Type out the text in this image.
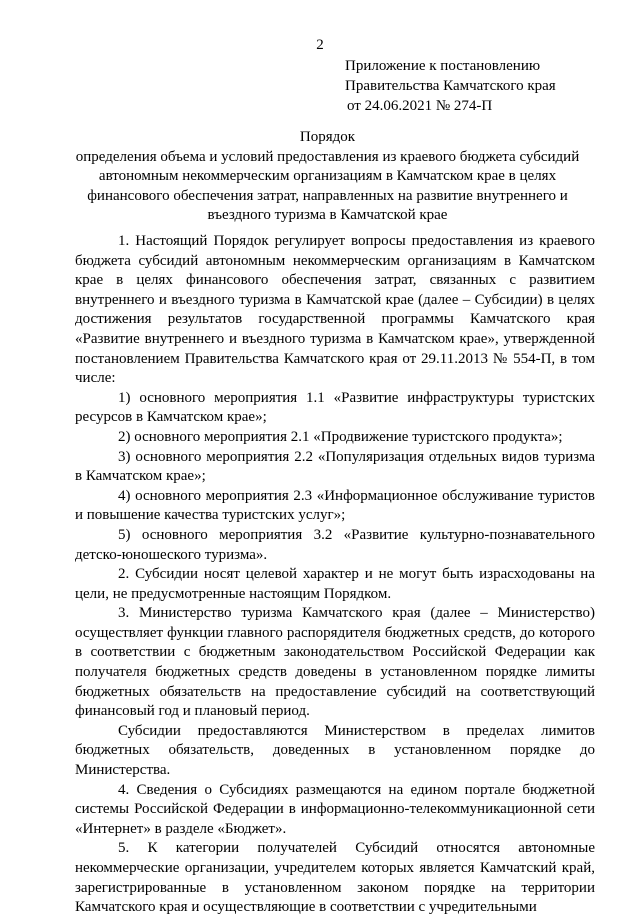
2
Приложение к постановлению
Правительства Камчатского края
от 24.06.2021 № 274-П
Порядок
определения объема и условий предоставления из краевого бюджета субсидий
автономным некоммерческим организациям в Камчатском крае в целях
финансового обеспечения затрат, направленных на развитие внутреннего и
въездного туризма в Камчатской крае

1. Настоящий Порядок регулирует вопросы предоставления из краевого бюджета субсидий автономным некоммерческим организациям в Камчатском крае в целях финансового обеспечения затрат, связанных с развитием внутреннего и въездного туризма в Камчатской крае (далее – Субсидии) в целях достижения результатов государственной программы Камчатского края «Развитие внутреннего и въездного туризма в Камчатском крае», утвержденной постановлением Правительства Камчатского края от 29.11.2013 № 554-П, в том числе:

1) основного мероприятия 1.1 «Развитие инфраструктуры туристских ресурсов в Камчатском крае»;

2) основного мероприятия 2.1 «Продвижение туристского продукта»;

3) основного мероприятия 2.2 «Популяризация отдельных видов туризма в Камчатском крае»;

4) основного мероприятия 2.3 «Информационное обслуживание туристов и повышение качества туристских услуг»;

5) основного мероприятия 3.2 «Развитие культурно-познавательного детско-юношеского туризма».

2. Субсидии носят целевой характер и не могут быть израсходованы на цели, не предусмотренные настоящим Порядком.

3. Министерство туризма Камчатского края (далее – Министерство) осуществляет функции главного распорядителя бюджетных средств, до которого в соответствии с бюджетным законодательством Российской Федерации как получателя бюджетных средств доведены в установленном порядке лимиты бюджетных обязательств на предоставление субсидий на соответствующий финансовый год и плановый период.

Субсидии предоставляются Министерством в пределах лимитов бюджетных обязательств, доведенных в установленном порядке до Министерства.

4. Сведения о Субсидиях размещаются на едином портале бюджетной системы Российской Федерации в информационно-телекоммуникационной сети «Интернет» в разделе «Бюджет».

5. К категории получателей Субсидий относятся автономные некоммерческие организации, учредителем которых является Камчатский край, зарегистрированные в установленном законом порядке на территории Камчатского края и осуществляющие в соответствии с учредительными
